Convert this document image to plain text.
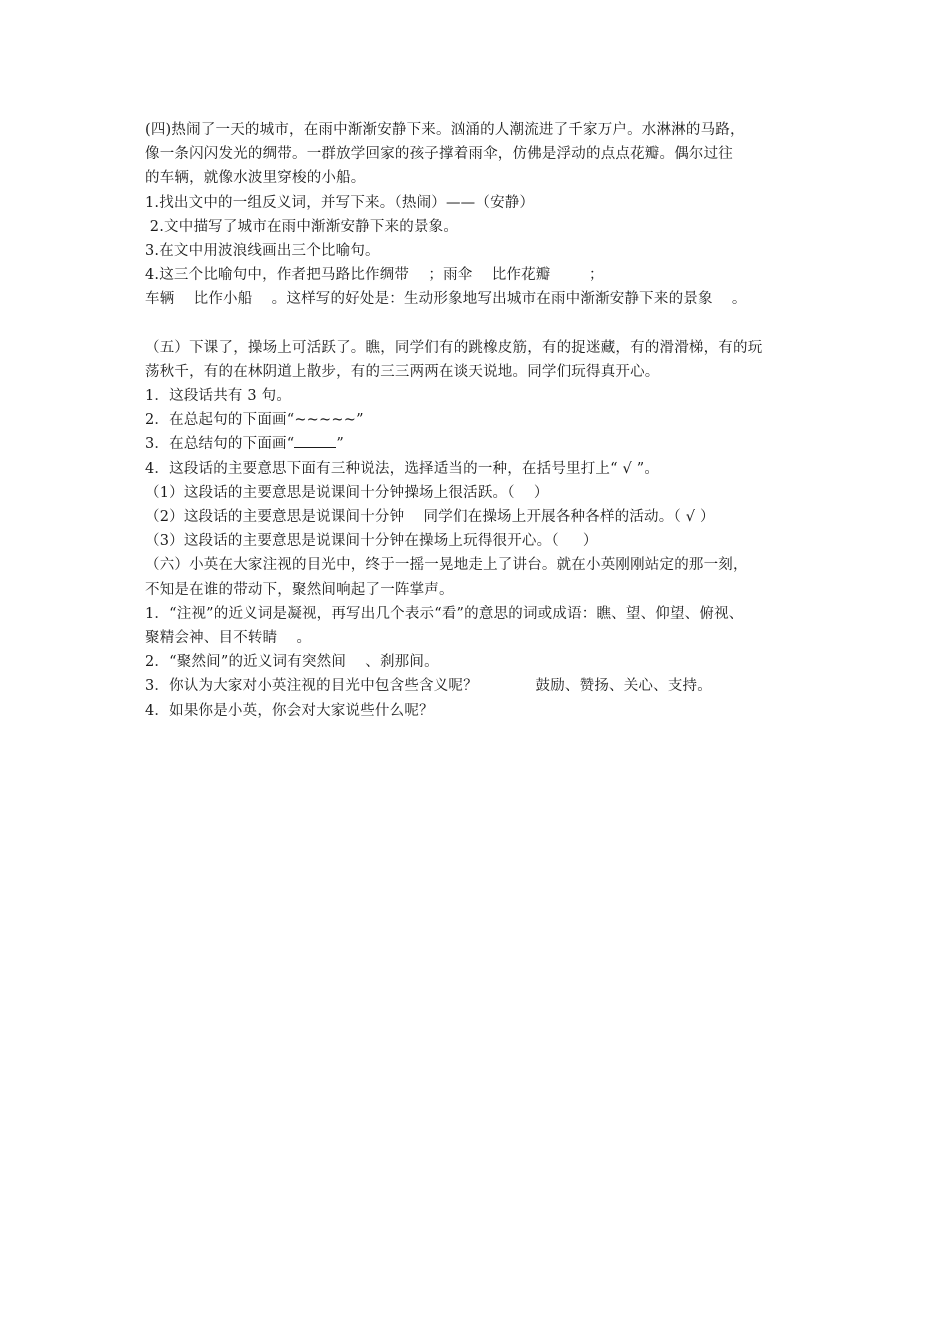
(四)热闹了一天的城市，在雨中渐渐安静下来。汹涌的人潮流进了千家万户。水淋淋的马路，
像一条闪闪发光的绸带。一群放学回家的孩子撑着雨伞，仿佛是浮动的点点花瓣。偶尔过往
的车辆，就像水波里穿梭的小船。
1.找出文中的一组反义词，并写下来。（热闹）——（安静）
2.文中描写了城市在雨中渐渐安静下来的景象。
3.在文中用波浪线画出三个比喻句。
4.这三个比喻句中，作者把马路比作绸带    ；雨伞    比作花瓣        ；
车辆    比作小船    。这样写的好处是：生动形象地写出城市在雨中渐渐安静下来的景象    。
（五）下课了，操场上可活跃了。瞧，同学们有的跳橡皮筋，有的捉迷藏，有的滑滑梯，有的玩
荡秋千，有的在林阴道上散步，有的三三两两在谈天说地。同学们玩得真开心。
1．这段话共有 3 句。
2．在总起句的下面画“~~~~~”
3．在总结句的下面画“	”
4．这段话的主要意思下面有三种说法，选择适当的一种，在括号里打上“ √ ”。
（1）这段话的主要意思是说课间十分钟操场上很活跃。（    ）
（2）这段话的主要意思是说课间十分钟    同学们在操场上开展各种各样的活动。（ √ ）
（3）这段话的主要意思是说课间十分钟在操场上玩得很开心。（     ）
（六）小英在大家注视的目光中，终于一摇一晃地走上了讲台。就在小英刚刚站定的那一刻，
不知是在谁的带动下，聚然间响起了一阵掌声。
1．“注视”的近义词是凝视，再写出几个表示“看”的意思的词或成语：瞧、望、仰望、俯视、
聚精会神、目不转睛    。
2．“聚然间”的近义词有突然间    、刹那间。
3．你认为大家对小英注视的目光中包含些含义呢？            鼓励、赞扬、关心、支持。
4．如果你是小英，你会对大家说些什么呢？
